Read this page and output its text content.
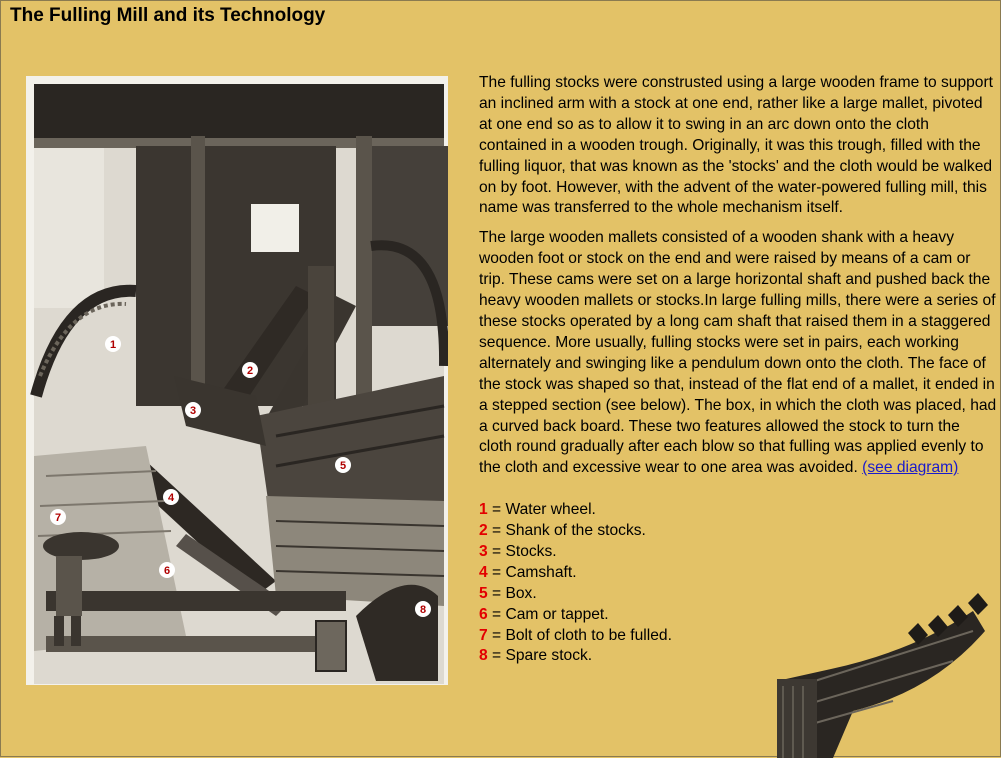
The Fulling Mill and its Technology
1
2
3
4
5
6
7
8

The fulling stocks were construsted using a large wooden frame to support an inclined arm with a stock at one end, rather like a large mallet, pivoted at one end so as to allow it to swing in an arc down onto the cloth contained in a wooden trough. Originally, it was this trough, filled with the fulling liquor, that was known as the 'stocks' and the cloth would be walked on by foot. However, with the advent of the water-powered fulling mill, this name was transferred to the whole mechanism itself.

The large wooden mallets consisted of a wooden shank with a heavy wooden foot or stock on the end and were raised by means of a cam or trip. These cams were set on a large horizontal shaft and pushed back the heavy wooden mallets or stocks.In large fulling mills, there were a series of these stocks operated by a long cam shaft that raised them in a staggered sequence. More usually, fulling stocks were set in pairs, each working alternately and swinging like a pendulum down onto the cloth. The face of the stock was shaped so that, instead of the flat end of a mallet, it ended in a stepped section (see below). The box, in which the cloth was placed, had a curved back board. These two features allowed the stock to turn the cloth round gradually after each blow so that fulling was applied evenly to the cloth and excessive wear to one area was avoided. (see diagram)

1 = Water wheel.
2 = Shank of the stocks.
3 = Stocks.
4 = Camshaft.
5 = Box.
6 = Cam or tappet.
7 = Bolt of cloth to be fulled.
8 = Spare stock.
